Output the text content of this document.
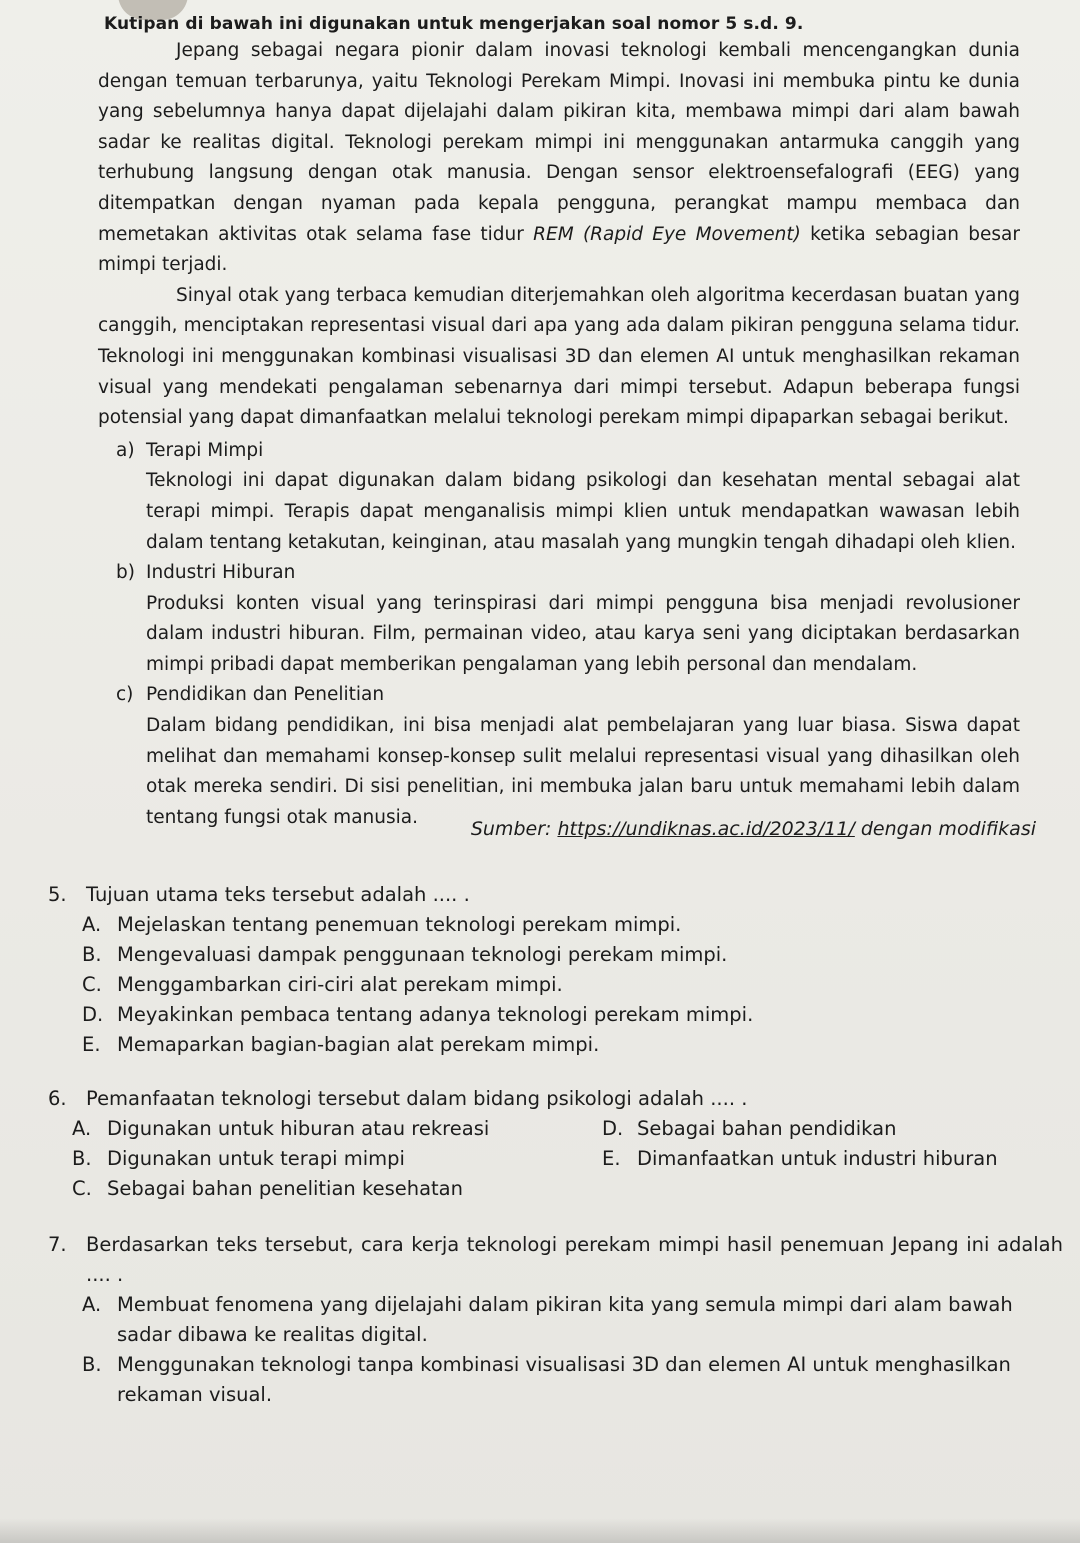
Kutipan di bawah ini digunakan untuk mengerjakan soal nomor 5 s.d. 9.

Jepang sebagai negara pionir dalam inovasi teknologi kembali mencengangkan dunia dengan temuan terbarunya, yaitu Teknologi Perekam Mimpi. Inovasi ini membuka pintu ke dunia yang sebelumnya hanya dapat dijelajahi dalam pikiran kita, membawa mimpi dari alam bawah sadar ke realitas digital. Teknologi perekam mimpi ini menggunakan antarmuka canggih yang terhubung langsung dengan otak manusia. Dengan sensor elektroensefalografi (EEG) yang ditempatkan dengan nyaman pada kepala pengguna, perangkat mampu membaca dan memetakan aktivitas otak selama fase tidur REM (Rapid Eye Movement) ketika sebagian besar mimpi terjadi.

Sinyal otak yang terbaca kemudian diterjemahkan oleh algoritma kecerdasan buatan yang canggih, menciptakan representasi visual dari apa yang ada dalam pikiran pengguna selama tidur. Teknologi ini menggunakan kombinasi visualisasi 3D dan elemen AI untuk menghasilkan rekaman visual yang mendekati pengalaman sebenarnya dari mimpi tersebut. Adapun beberapa fungsi potensial yang dapat dimanfaatkan melalui teknologi perekam mimpi dipaparkan sebagai berikut.

a) Terapi Mimpi
Teknologi ini dapat digunakan dalam bidang psikologi dan kesehatan mental sebagai alat terapi mimpi. Terapis dapat menganalisis mimpi klien untuk mendapatkan wawasan lebih dalam tentang ketakutan, keinginan, atau masalah yang mungkin tengah dihadapi oleh klien.
b) Industri Hiburan
Produksi konten visual yang terinspirasi dari mimpi pengguna bisa menjadi revolusioner dalam industri hiburan. Film, permainan video, atau karya seni yang diciptakan berdasarkan mimpi pribadi dapat memberikan pengalaman yang lebih personal dan mendalam.
c) Pendidikan dan Penelitian
Dalam bidang pendidikan, ini bisa menjadi alat pembelajaran yang luar biasa. Siswa dapat melihat dan memahami konsep-konsep sulit melalui representasi visual yang dihasilkan oleh otak mereka sendiri. Di sisi penelitian, ini membuka jalan baru untuk memahami lebih dalam tentang fungsi otak manusia.
Sumber: https://undiknas.ac.id/2023/11/ dengan modifikasi
5. Tujuan utama teks tersebut adalah .... .
A. Mejelaskan tentang penemuan teknologi perekam mimpi.
B. Mengevaluasi dampak penggunaan teknologi perekam mimpi.
C. Menggambarkan ciri-ciri alat perekam mimpi.
D. Meyakinkan pembaca tentang adanya teknologi perekam mimpi.
E. Memaparkan bagian-bagian alat perekam mimpi.
6. Pemanfaatan teknologi tersebut dalam bidang psikologi adalah .... .
A. Digunakan untuk hiburan atau rekreasi	D. Sebagai bahan pendidikan
B. Digunakan untuk terapi mimpi	E. Dimanfaatkan untuk industri hiburan
C. Sebagai bahan penelitian kesehatan
7. Berdasarkan teks tersebut, cara kerja teknologi perekam mimpi hasil penemuan Jepang ini adalah .... .
A. Membuat fenomena yang dijelajahi dalam pikiran kita yang semula mimpi dari alam bawah sadar dibawa ke realitas digital.
B. Menggunakan teknologi tanpa kombinasi visualisasi 3D dan elemen AI untuk menghasilkan rekaman visual.
